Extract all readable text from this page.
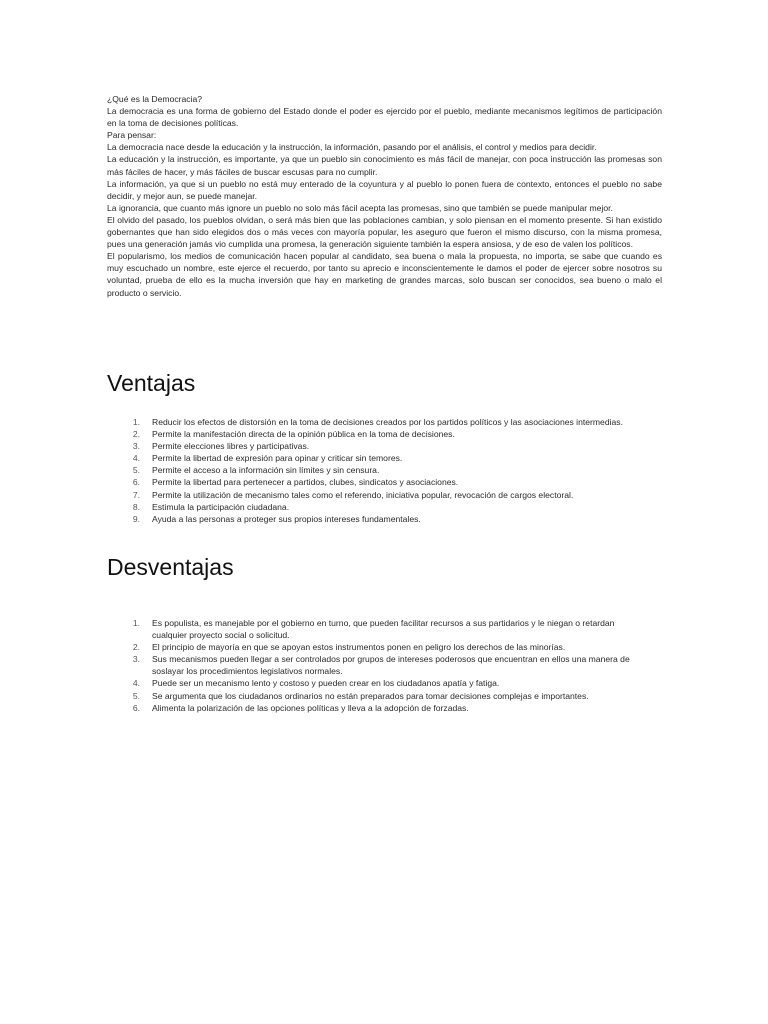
¿Qué es la Democracia?

La democracia es una forma de gobierno del Estado donde el poder es ejercido por el pueblo, mediante mecanismos legítimos de participación en la toma de decisiones políticas.

Para pensar:

La democracia nace desde la educación y la instrucción, la información, pasando por el análisis, el control y medios para decidir.

La educación y la instrucción, es importante, ya que un pueblo sin conocimiento es más fácil de manejar, con poca instrucción las promesas son más fáciles de hacer, y más fáciles de buscar escusas para no cumplir.

La información, ya que si un pueblo no está muy enterado de la coyuntura y al pueblo lo ponen fuera de contexto, entonces el pueblo no sabe decidir, y mejor aun, se puede manejar.

La ignorancia, que cuanto más ignore un pueblo no solo más fácil acepta las promesas, sino que también se puede manipular mejor.

El olvido del pasado, los pueblos olvidan, o será más bien que las poblaciones cambian, y solo piensan en el momento presente. Si han existido gobernantes que han sido elegidos dos o más veces con mayoría popular, les aseguro que fueron el mismo discurso, con la misma promesa, pues una generación jamás vio cumplida una promesa, la generación siguiente también la espera ansiosa, y de eso de valen los políticos.

El popularismo, los medios de comunicación hacen popular al candidato, sea buena o mala la propuesta, no importa, se sabe que cuando es muy escuchado un nombre, este ejerce el recuerdo, por tanto su aprecio e inconscientemente le damos el poder de ejercer sobre nosotros su voluntad, prueba de ello es la mucha inversión que hay en marketing de grandes marcas, solo buscan ser conocidos, sea bueno o malo el producto o servicio.

Ventajas
1. Reducir los efectos de distorsión en la toma de decisiones creados por los partidos políticos y las asociaciones intermedias.
2. Permite la manifestación directa de la opinión pública en la toma de decisiones.
3. Permite elecciones libres y participativas.
4. Permite la libertad de expresión para opinar y criticar sin temores.
5. Permite el acceso a la información sin límites y sin censura.
6. Permite la libertad para pertenecer a partidos, clubes, sindicatos y asociaciones.
7. Permite la utilización de mecanismo tales como el referendo, iniciativa popular, revocación de cargos electoral.
8. Estimula la participación ciudadana.
9. Ayuda a las personas a proteger sus propios intereses fundamentales.
Desventajas
1. Es populista, es manejable por el gobierno en turno, que pueden facilitar recursos a sus partidarios y le niegan o retardan cualquier proyecto social o solicitud.
2. El principio de mayoría en que se apoyan estos instrumentos ponen en peligro los derechos de las minorías.
3. Sus mecanismos pueden llegar a ser controlados por grupos de intereses poderosos que encuentran en ellos una manera de soslayar los procedimientos legislativos normales.
4. Puede ser un mecanismo lento y costoso y pueden crear en los ciudadanos apatía y fatiga.
5. Se argumenta que los ciudadanos ordinarios no están preparados para tomar decisiones complejas e importantes.
6. Alimenta la polarización de las opciones políticas y lleva a la adopción de forzadas.
